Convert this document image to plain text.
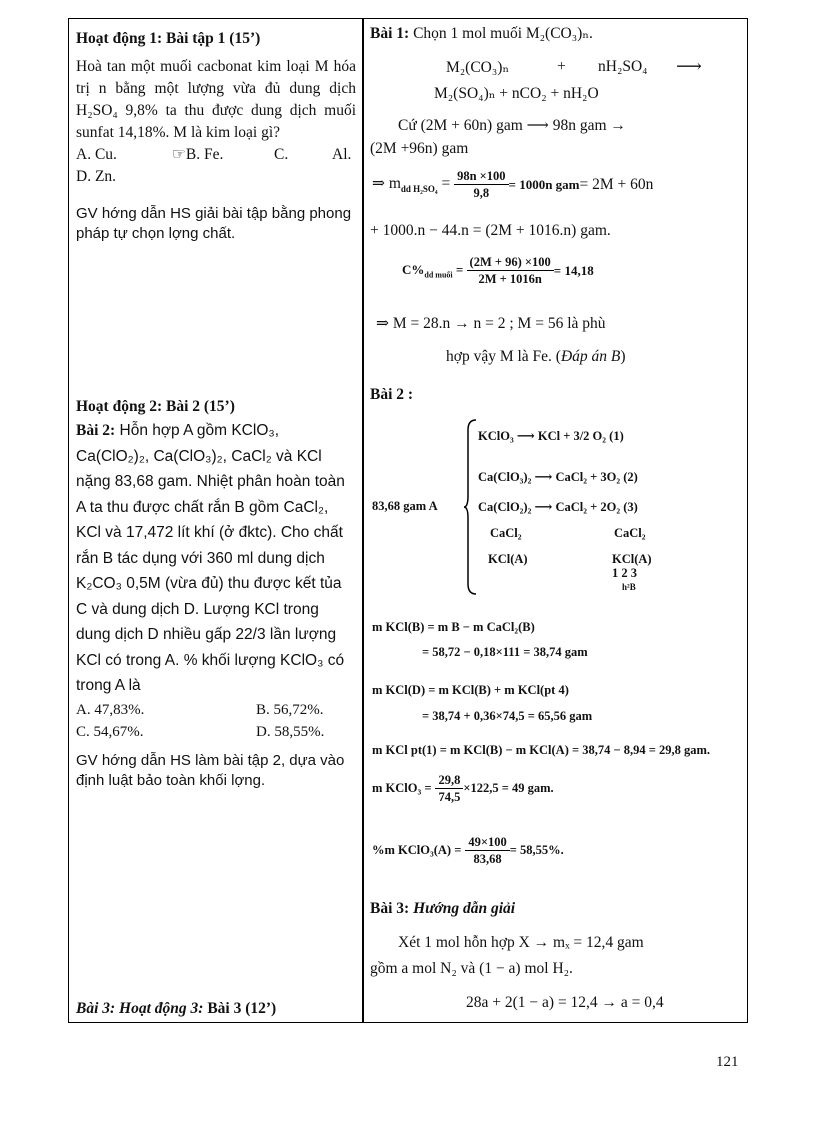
Hoạt động 1: Bài tập 1 (15’)
Hoà tan một muối cacbonat kim loại M hóa trị n bằng một lượng vừa đủ dung dịch H₂SO₄ 9,8% ta thu được dung dịch muối sunfat 14,18%. M là kim loại gì?
A. Cu.	☞B. Fe.	C.	Al.
D. Zn.
GV hớng dẫn HS giải bài tập bằng phong pháp tự chọn lợng chất.
Hoạt động 2: Bài 2 (15’)
Bài 2: Hỗn hợp A gồm KClO₃, Ca(ClO₂)₂, Ca(ClO₃)₂, CaCl₂ và KCl nặng 83,68 gam. Nhiệt phân hoàn toàn A ta thu được chất rắn B gồm CaCl₂, KCl và 17,472 lít khí (ở đktc). Cho chất rắn B tác dụng với 360 ml dung dịch K₂CO₃ 0,5M (vừa đủ) thu được kết tủa C và dung dịch D. Lượng KCl trong dung dịch D nhiều gấp 22/3 lần lượng KCl có trong A. % khối lượng KClO₃ có trong A là
A. 47,83%.	B. 56,72%.
C. 54,67%.	D. 58,55%.
GV hớng dẫn HS làm bài tập 2, dựa vào định luật bảo toàn khối lợng.
Bài 3: Hoạt động 3: Bài 3 (12’)
Bài 1: Chọn 1 mol muối M₂(CO₃)ₙ.
M₂(CO₃)ₙ	+ nH₂SO₄ ⟶
M₂(SO₄)ₙ + nCO₂ + nH₂O
Cứ (2M + 60n) gam ⟶ 98n gam →
(2M +96n) gam
⇒ $m_{dd H_2SO_4} = \frac{98n \times 100}{9,8} = 1000n$ gam = 2M + 60n
+ 1000.n − 44.n = (2M + 1016.n) gam.
$C\%_{dd muối} = \frac{(2M + 96) \times 100}{2M + 1016n} = 14,18$
⇒ M = 28.n → n = 2 ; M = 56 là phù
hợp vậy M là Fe. (Đáp án B)
Bài 2 :
83,68 gam A
KClO₃ ⟶ KCl + 3/2 O₂ (1)
Ca(ClO₃)₂ ⟶ CaCl₂ + 3O₂ (2)
Ca(ClO₂)₂ ⟶ CaCl₂ + 2O₂ (3)
CaCl₂	CaCl₂
KCl(A)	KCl(A)
1 2 3
h²B
m KCl(B) = m B − m CaCl₂(B)
= 58,72 − 0,18×111 = 38,74 gam
m KCl(D) = m KCl(B) + m KCl(pt 4)
= 38,74 + 0,36×74,5 = 65,56 gam
m KCl pt(1) = m KCl(B) − m KCl(A) = 38,74 − 8,94 = 29,8 gam.
m KClO₃ =
$\frac{29,8}{74,5} \times 122,5 = 49$ gam.
%m KClO₃(A) =
$\frac{49\times 100}{83,68} = 58,55\%$.
Bài 3: Hướng dẫn giải
Xét 1 mol hỗn hợp X → mₓ = 12,4 gam
gồm a mol N₂ và (1 − a) mol H₂.
28a + 2(1 − a) = 12,4 → a = 0,4
121
